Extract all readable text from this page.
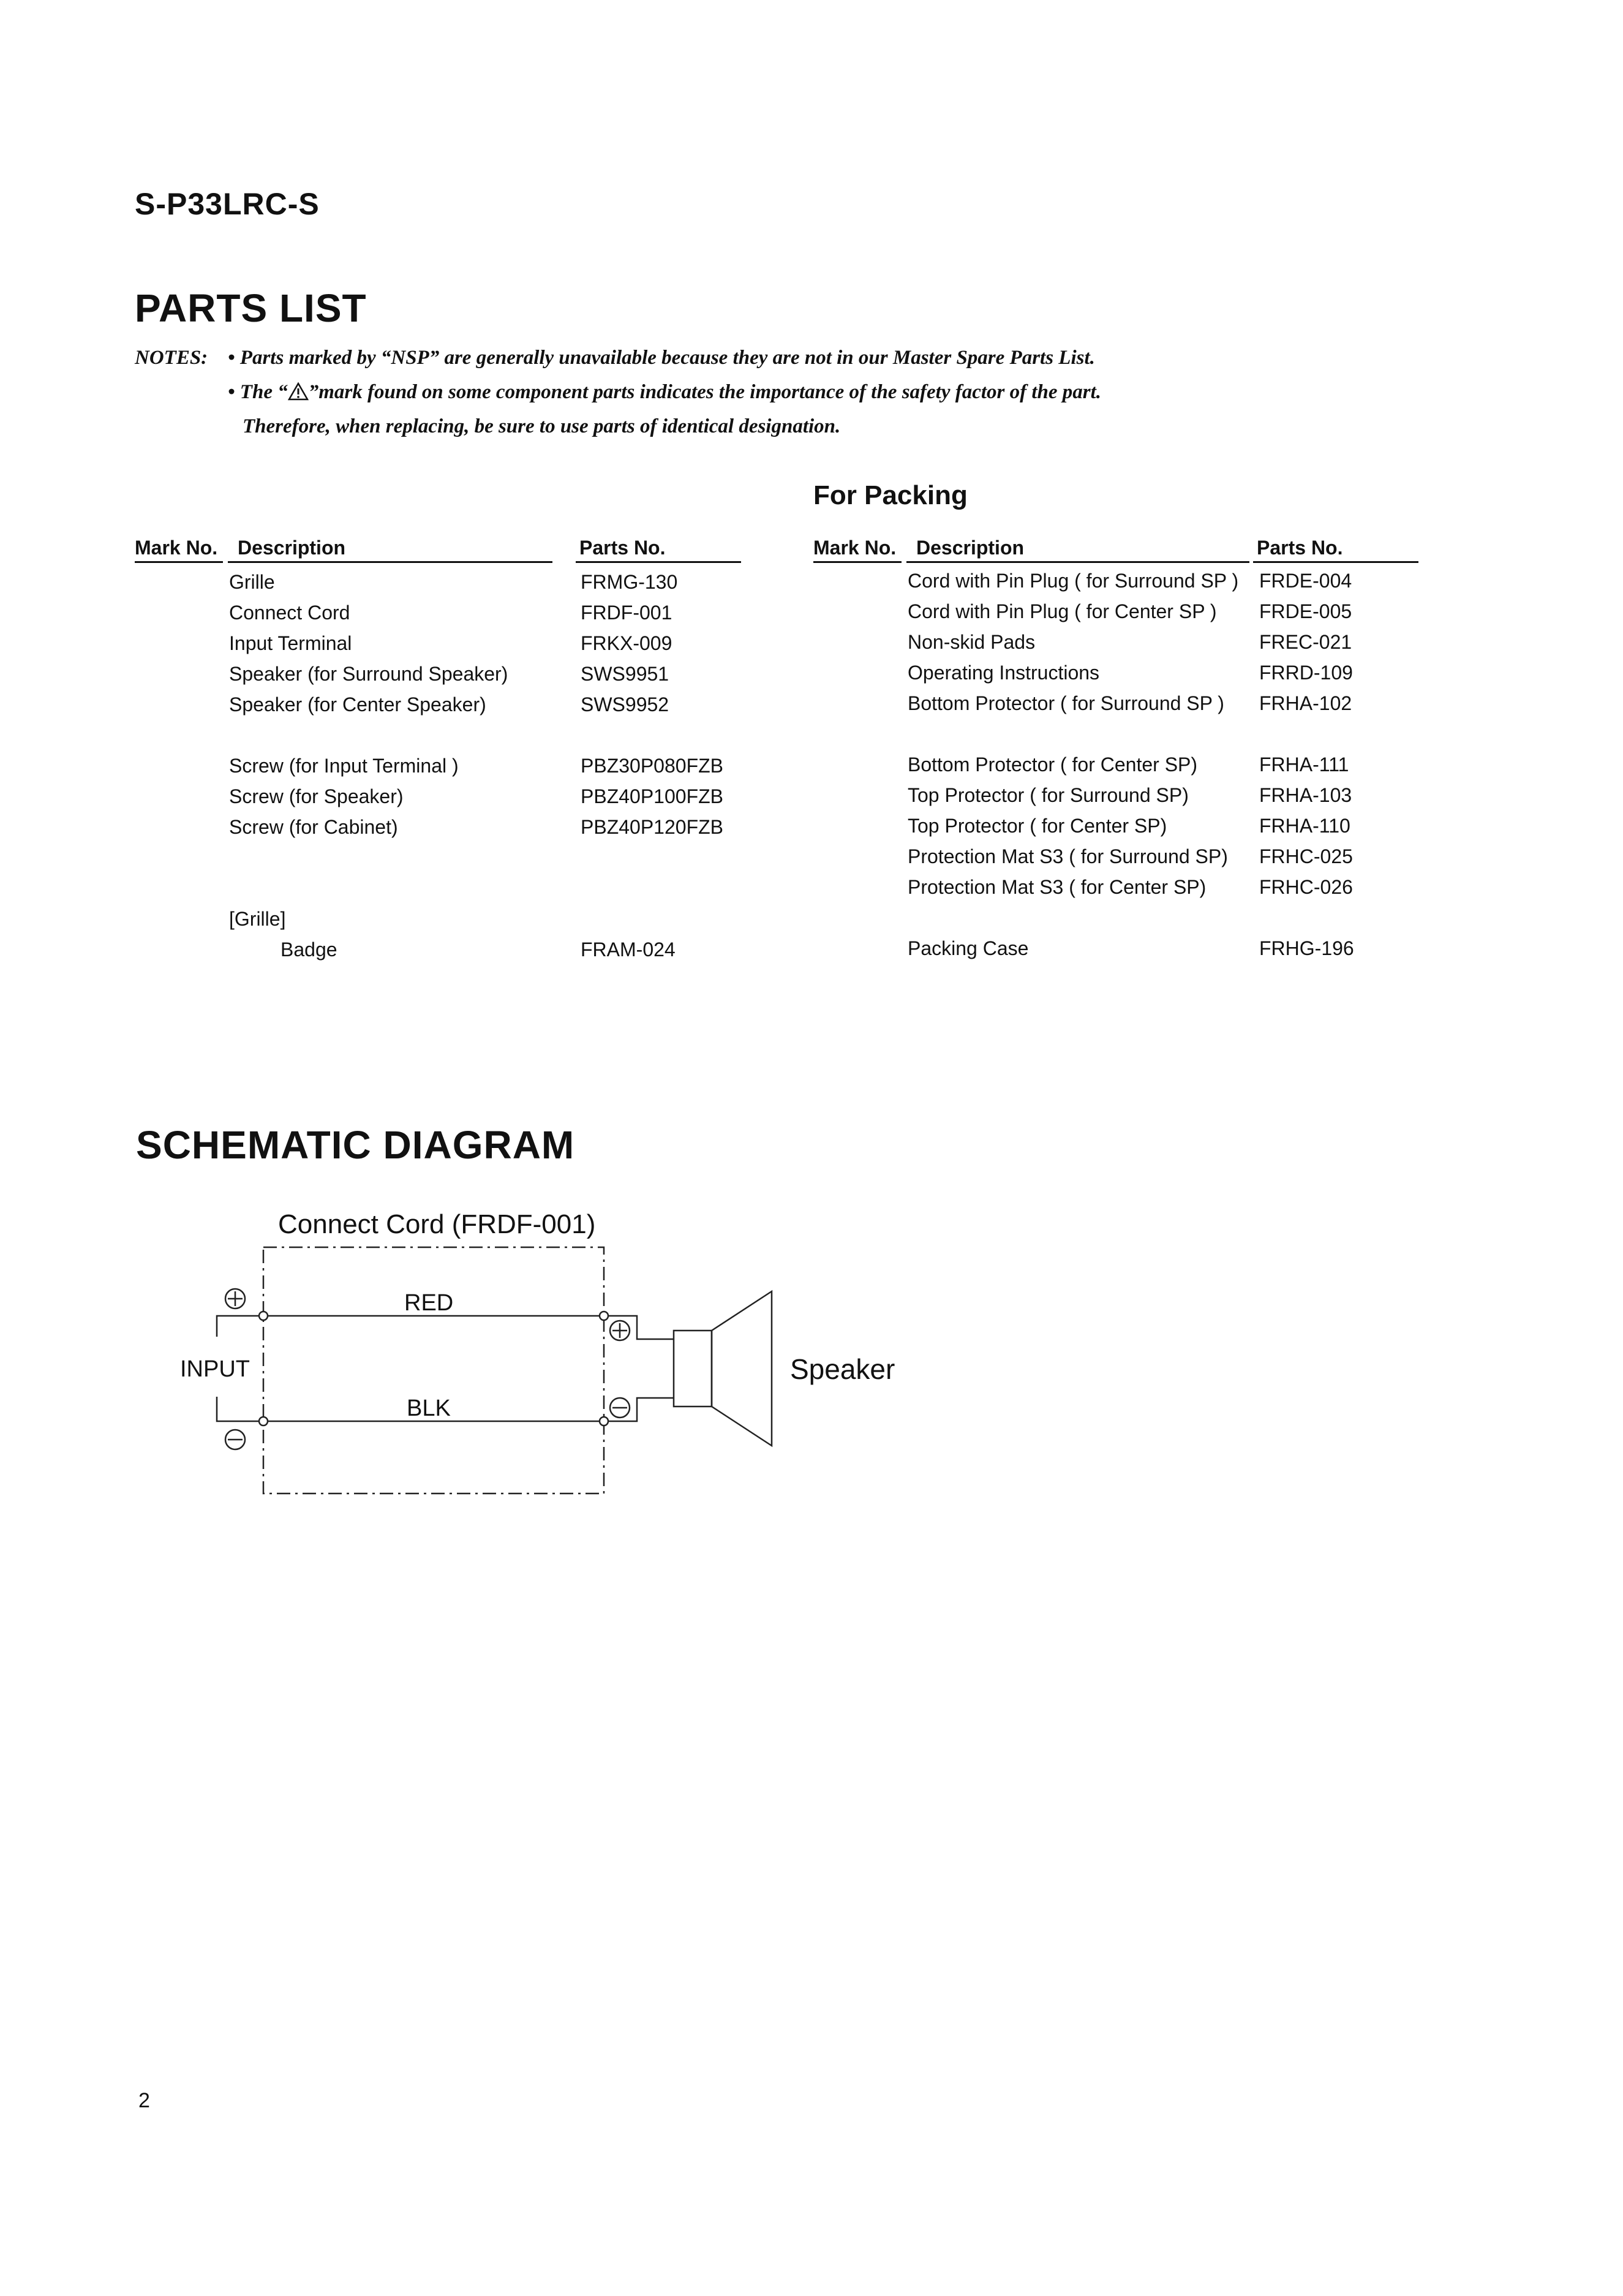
S-P33LRC-S
PARTS LIST
NOTES: • Parts marked by “NSP” are generally unavailable because they are not in our Master Spare Parts List.
• The “ ”mark found on some component parts indicates the importance of the safety factor of the part.
Therefore, when replacing, be sure to use parts of identical designation.
For Packing
Mark No. Description	Parts No.	Mark No. Description	Parts No.
Grille	FRMG-130
Connect Cord	FRDF-001
Input Terminal	FRKX-009
Speaker (for Surround Speaker)	SWS9951
Speaker (for Center Speaker)	SWS9952
Screw (for Input Terminal )	PBZ30P080FZB
Screw (for Speaker)	PBZ40P100FZB
Screw (for Cabinet)	PBZ40P120FZB
[Grille]
Badge	FRAM-024
Cord with Pin Plug ( for Surround SP ) FRDE-004
Cord with Pin Plug ( for Center SP ) FRDE-005
Non-skid Pads	FREC-021
Operating Instructions	FRRD-109
Bottom Protector ( for Surround SP ) FRHA-102
Bottom Protector ( for Center SP)	FRHA-111
Top Protector ( for Surround SP)	FRHA-103
Top Protector ( for Center SP)	FRHA-110
Protection Mat S3 ( for Surround SP) FRHC-025
Protection Mat S3 ( for Center SP)	FRHC-026
Packing Case	FRHG-196
SCHEMATIC DIAGRAM
Connect Cord (FRDF-001)
RED
BLK
INPUT	Speaker
2
